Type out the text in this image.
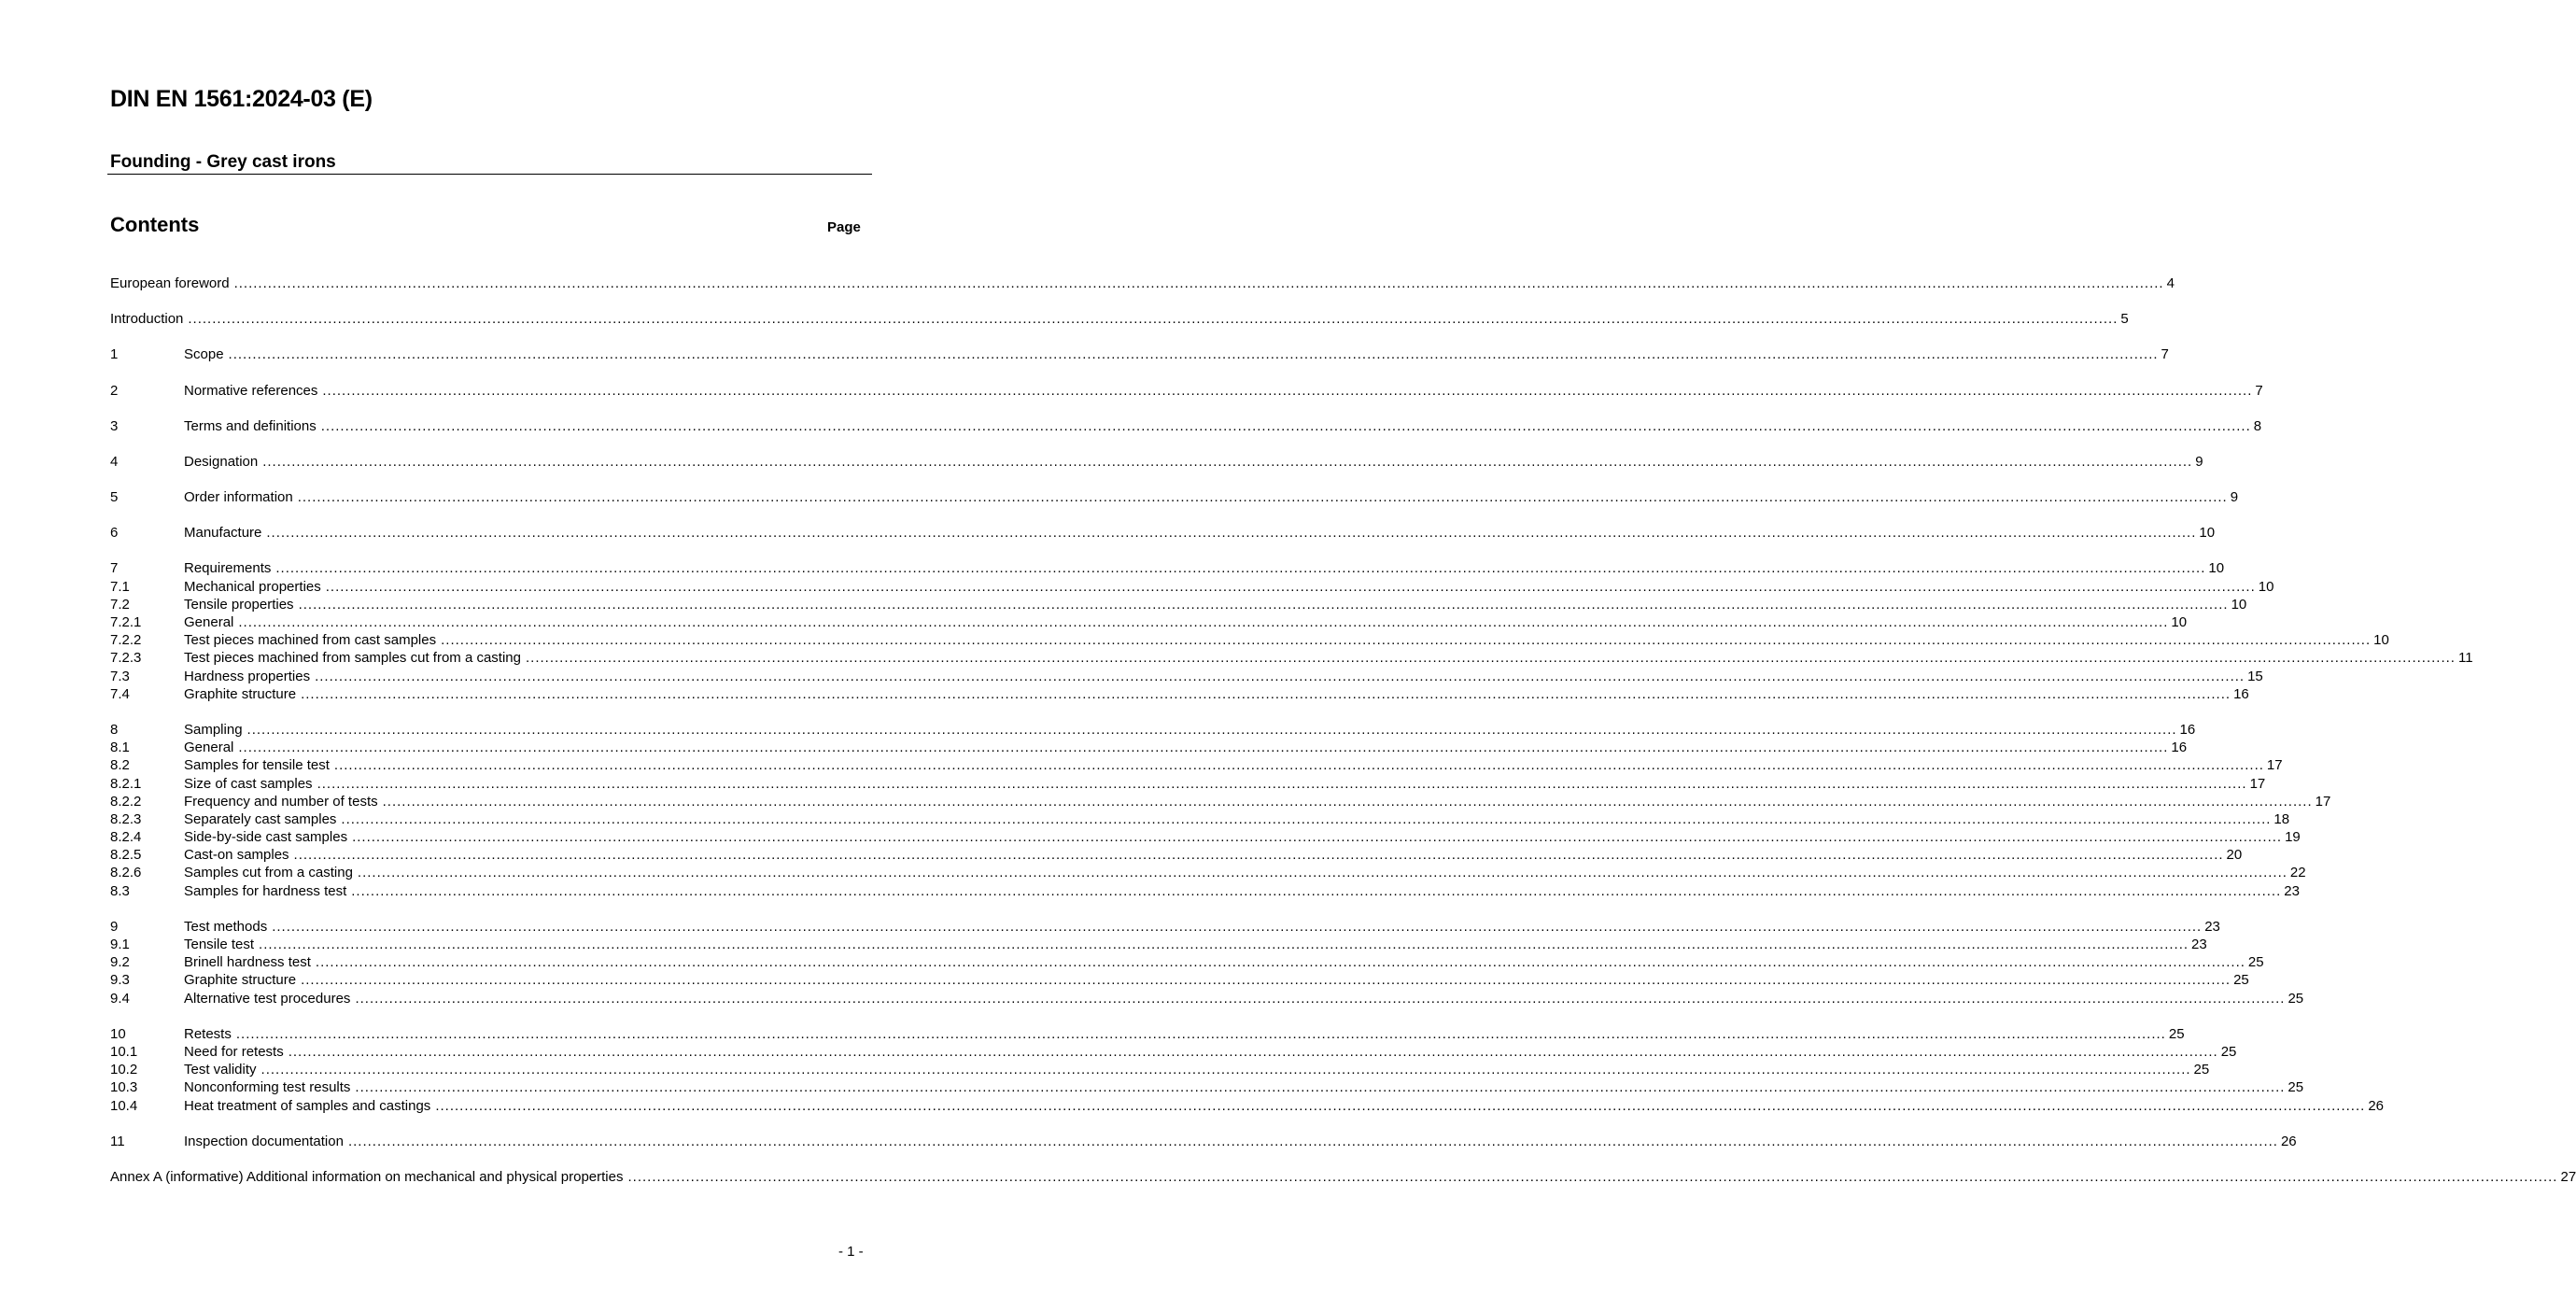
DIN EN 1561:2024-03 (E)
Founding - Grey cast irons
Contents	Page
European foreword ................................................................................................................................................................................................................................................................................................................................................................................................................ 4
Introduction ................................................................................................................................................................................................................................................................................................................................................................................................................ 5
1	Scope ................................................................................................................................................................................................................................................................................................................................................................................................................ 7
2	Normative references ................................................................................................................................................................................................................................................................................................................................................................................................................ 7
3	Terms and definitions ................................................................................................................................................................................................................................................................................................................................................................................................................ 8
4	Designation ................................................................................................................................................................................................................................................................................................................................................................................................................ 9
5	Order information ................................................................................................................................................................................................................................................................................................................................................................................................................ 9
6	Manufacture ................................................................................................................................................................................................................................................................................................................................................................................................................ 10
7	Requirements ................................................................................................................................................................................................................................................................................................................................................................................................................ 10
7.1	Mechanical properties ................................................................................................................................................................................................................................................................................................................................................................................................................ 10
7.2	Tensile properties ................................................................................................................................................................................................................................................................................................................................................................................................................ 10
7.2.1	General ................................................................................................................................................................................................................................................................................................................................................................................................................ 10
7.2.2	Test pieces machined from cast samples ................................................................................................................................................................................................................................................................................................................................................................................................................ 10
7.2.3	Test pieces machined from samples cut from a casting ................................................................................................................................................................................................................................................................................................................................................................................................................ 11
7.3	Hardness properties ................................................................................................................................................................................................................................................................................................................................................................................................................ 15
7.4	Graphite structure ................................................................................................................................................................................................................................................................................................................................................................................................................ 16
8	Sampling ................................................................................................................................................................................................................................................................................................................................................................................................................ 16
8.1	General ................................................................................................................................................................................................................................................................................................................................................................................................................ 16
8.2	Samples for tensile test ................................................................................................................................................................................................................................................................................................................................................................................................................ 17
8.2.1	Size of cast samples ................................................................................................................................................................................................................................................................................................................................................................................................................ 17
8.2.2	Frequency and number of tests ................................................................................................................................................................................................................................................................................................................................................................................................................ 17
8.2.3	Separately cast samples ................................................................................................................................................................................................................................................................................................................................................................................................................ 18
8.2.4	Side-by-side cast samples ................................................................................................................................................................................................................................................................................................................................................................................................................ 19
8.2.5	Cast-on samples ................................................................................................................................................................................................................................................................................................................................................................................................................ 20
8.2.6	Samples cut from a casting ................................................................................................................................................................................................................................................................................................................................................................................................................ 22
8.3	Samples for hardness test ................................................................................................................................................................................................................................................................................................................................................................................................................ 23
9	Test methods ................................................................................................................................................................................................................................................................................................................................................................................................................ 23
9.1	Tensile test ................................................................................................................................................................................................................................................................................................................................................................................................................ 23
9.2	Brinell hardness test ................................................................................................................................................................................................................................................................................................................................................................................................................ 25
9.3	Graphite structure ................................................................................................................................................................................................................................................................................................................................................................................................................ 25
9.4	Alternative test procedures ................................................................................................................................................................................................................................................................................................................................................................................................................ 25
10	Retests ................................................................................................................................................................................................................................................................................................................................................................................................................ 25
10.1	Need for retests ................................................................................................................................................................................................................................................................................................................................................................................................................ 25
10.2	Test validity ................................................................................................................................................................................................................................................................................................................................................................................................................ 25
10.3	Nonconforming test results ................................................................................................................................................................................................................................................................................................................................................................................................................ 25
10.4	Heat treatment of samples and castings ................................................................................................................................................................................................................................................................................................................................................................................................................ 26
11	Inspection documentation ................................................................................................................................................................................................................................................................................................................................................................................................................ 26
Annex A (informative) Additional information on mechanical and physical properties ................................................................................................................................................................................................................................................................................................................................................................................................................ 27
- 1 -
